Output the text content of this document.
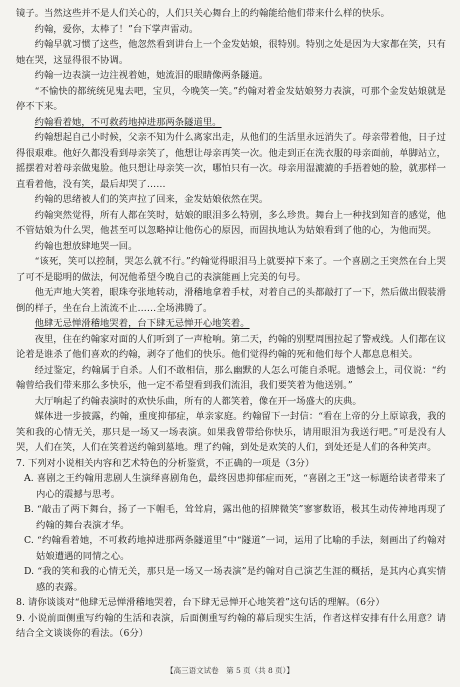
镜子。当然这些并不是人们关心的，人们只关心舞台上的约翰能给他们带来什么样的快乐。

约翰，爱你，太棒了！”台下掌声雷动。

约翰早就习惯了这些，他忽然看到讲台上一个金发姑娘，很特别。特别之处是因为大家都在笑，只有她在哭，这显得很不协调。

约翰一边表演一边注视着她，她流泪的眼睛像两条隧道。

“不愉快的都统统见鬼去吧，宝贝，今晚笑一笑。”约翰对着金发姑娘努力表演，可那个金发姑娘就是停不下来。

约翰看着她，不可救药地掉进那两条隧道里。

约翰想起自己小时候，父亲不知为什么离家出走，从他们的生活里永远消失了。母亲带着他，日子过得很艰难。他好久都没看到母亲笑了，他想让母亲再笑一次。他走到正在洗衣服的母亲面前，单脚站立，摇摆着对着母亲做鬼脸。他只想让母亲笑一次，哪怕只有一次。母亲用湿漉漉的手捂着她的脸，就那样一直看着他，没有笑，最后却哭了……

约翰的思绪被人们的笑声拉了回来，金发姑娘依然在哭。

约翰突然觉得，所有人都在笑时，姑娘的眼泪多么特别，多么珍贵。舞台上一种找到知音的感觉，他不管姑娘为什么哭，他甚至可以忽略掉让他伤心的原因，而固执地认为姑娘看到了他的心，为他而哭。

约翰也想放肆地哭一回。

“该死，笑可以控制，哭怎么就不行。”约翰觉得眼泪马上就要掉下来了。一个喜剧之王突然在台上哭了可不是聪明的做法，何况他希望今晚自己的表演能画上完美的句号。

他无声地大笑着，眼珠夸张地转动，滑稽地拿着手杖，对着自己的头都敲打了一下，然后做出假装滑倒的样子，坐在台上流流不止……全场沸腾了。

他肆无忌惮滑稽地哭着，台下肆无忌惮开心地笑着。

夜里，住在约翰家对面的人们听到了一声枪响。第二天，约翰的别墅周围拉起了警戒线。人们都在议论着是谁杀了他们喜欢的约翰，剥夺了他们的快乐。他们觉得约翰的死和他们每个人都息息相关。

经过鉴定，约翰属于自杀。人们不敢相信，那么幽默的人怎么可能自杀呢。遗憾会上，司仪说：“约翰曾给我们带来那么多快乐，他一定不希望看到我们流泪，我们要笑着为他送别。”

大厅响起了约翰表演时的欢快乐曲，所有的人都笑着，像在开一场盛大的庆典。

媒体进一步披露，约翰，重度抑郁症，单亲家庭。约翰留下一封信：“看在上帝的分上原谅我，我的笑和我的心情无关，那只是一场又一场表演。如果我曾带给你快乐，请用眼泪为我送行吧。”可是没有人哭，人们在笑，人们在笑着送约翰到墓地。理了约翰，到处是欢笑的人们，到处还是人们的各种笑声。

7. 下列对小说相关内容和艺术特色的分析鉴赏，不正确的一项是（3分）

A. 喜剧之王约翰用悲剧人生演绎喜剧角色，最终因患抑郁症而死，“喜剧之王”这一标题给读者带来了内心的震撼与思考。

B. “敲击了两下舞台，扬了一下帽毛，耸耸肩，露出他的招牌微笑”寥寥数语，极其生动传神地再现了约翰的舞台表演才华。

C. “约翰看着她，不可救药地掉进那两条隧道里”中“隧道”一词，运用了比喻的手法，刻画出了约翰对姑娘遭遇的同情之心。

D. “我的笑和我的心情无关，那只是一场又一场表演”是约翰对自己演艺生涯的概括，是其内心真实情感的表露。

8. 请你谈谈对“他肆无忌惮滑稽地哭着，台下肆无忌惮开心地笑着”这句话的理解。（6分）

9. 小说前面侧重写约翰的生活和表演，后面侧重写约翰的幕后现实生活，作者这样安排有什么用意？请结合全文谈谈你的看法。（6分）

【高三语文试卷　第 5 页（共 8 页）】
